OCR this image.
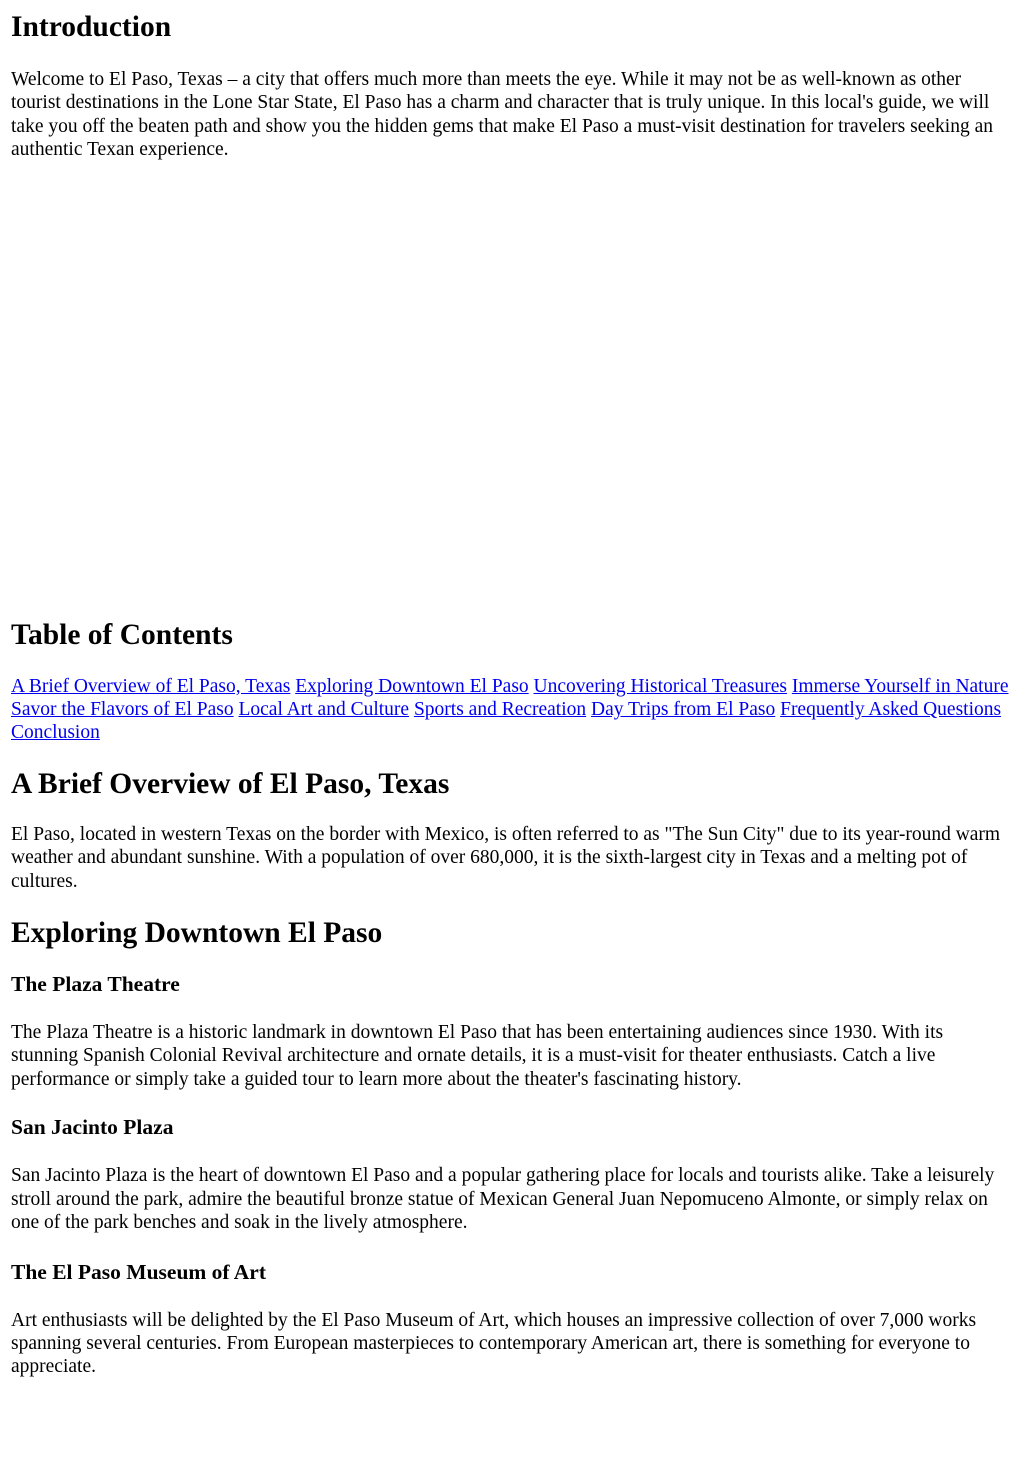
Introduction

Welcome to El Paso, Texas – a city that offers much more than meets the eye. While it may not be as well-known as other tourist destinations in the Lone Star State, El Paso has a charm and character that is truly unique. In this local's guide, we will take you off the beaten path and show you the hidden gems that make El Paso a must-visit destination for travelers seeking an authentic Texan experience.

Table of Contents
A Brief Overview of El Paso, Texas Exploring Downtown El Paso Uncovering Historical Treasures Immerse Yourself in Nature Savor the Flavors of El Paso Local Art and Culture Sports and Recreation Day Trips from El Paso Frequently Asked Questions Conclusion
A Brief Overview of El Paso, Texas

El Paso, located in western Texas on the border with Mexico, is often referred to as "The Sun City" due to its year-round warm weather and abundant sunshine. With a population of over 680,000, it is the sixth-largest city in Texas and a melting pot of cultures.

Exploring Downtown El Paso
The Plaza Theatre

The Plaza Theatre is a historic landmark in downtown El Paso that has been entertaining audiences since 1930. With its stunning Spanish Colonial Revival architecture and ornate details, it is a must-visit for theater enthusiasts. Catch a live performance or simply take a guided tour to learn more about the theater's fascinating history.

San Jacinto Plaza

San Jacinto Plaza is the heart of downtown El Paso and a popular gathering place for locals and tourists alike. Take a leisurely stroll around the park, admire the beautiful bronze statue of Mexican General Juan Nepomuceno Almonte, or simply relax on one of the park benches and soak in the lively atmosphere.

The El Paso Museum of Art

Art enthusiasts will be delighted by the El Paso Museum of Art, which houses an impressive collection of over 7,000 works spanning several centuries. From European masterpieces to contemporary American art, there is something for everyone to appreciate.
